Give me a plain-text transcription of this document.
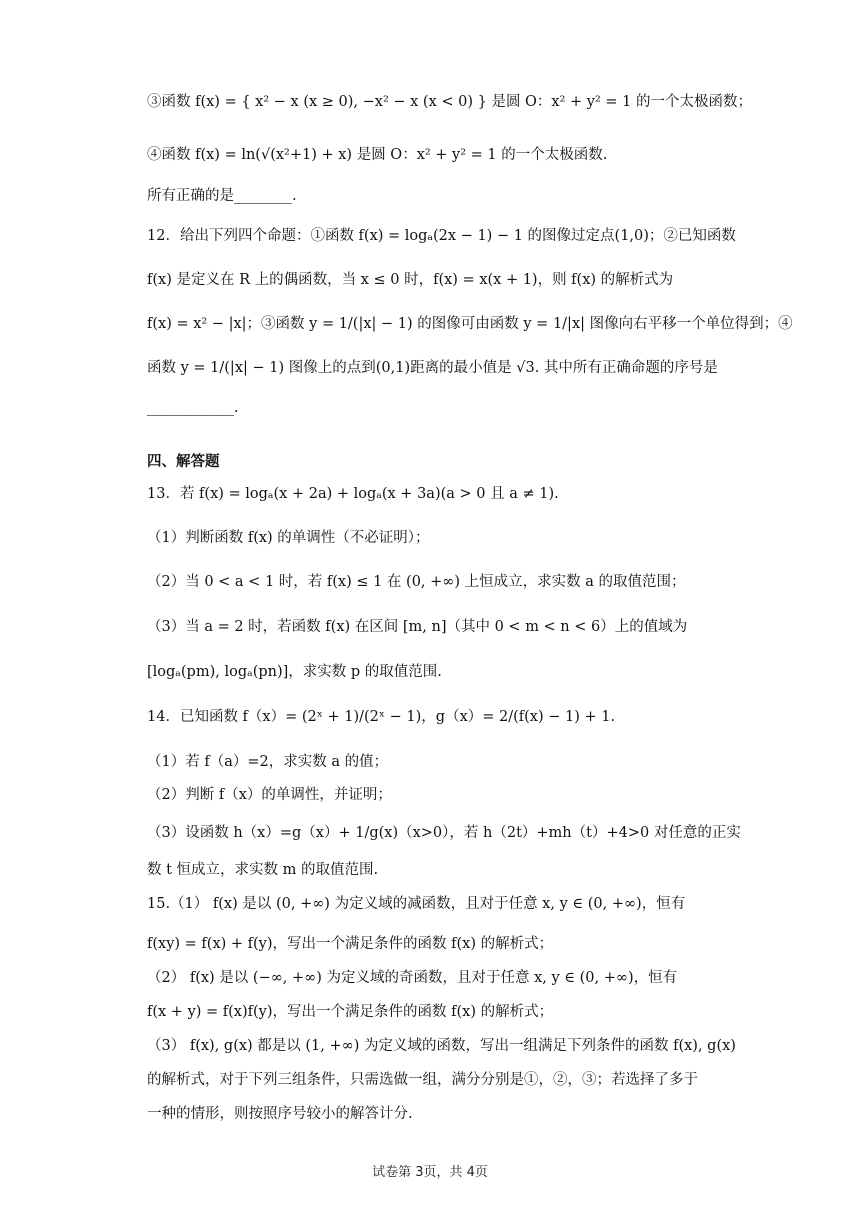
③函数 f(x) = { x² − x (x ≥ 0), −x² − x (x < 0) } 是圆 O：x² + y² = 1 的一个太极函数；
④函数 f(x) = ln(√(x²+1) + x) 是圆 O：x² + y² = 1 的一个太极函数.
所有正确的是________.
12．给出下列四个命题：①函数 f(x) = logₐ(2x − 1) − 1 的图像过定点(1,0)；②已知函数
f(x) 是定义在 R 上的偶函数，当 x ≤ 0 时，f(x) = x(x + 1)，则 f(x) 的解析式为
f(x) = x² − |x|；③函数 y = 1/(|x| − 1) 的图像可由函数 y = 1/|x| 图像向右平移一个单位得到；④
函数 y = 1/(|x| − 1) 图像上的点到(0,1)距离的最小值是 √3. 其中所有正确命题的序号是
____________.
四、解答题
13．若 f(x) = logₐ(x + 2a) + logₐ(x + 3a)(a > 0 且 a ≠ 1).
（1）判断函数 f(x) 的单调性（不必证明）；
（2）当 0 < a < 1 时，若 f(x) ≤ 1 在 (0, +∞) 上恒成立，求实数 a 的取值范围；
（3）当 a = 2 时，若函数 f(x) 在区间 [m, n]（其中 0 < m < n < 6）上的值域为
[logₐ(pm), logₐ(pn)]，求实数 p 的取值范围.
14．已知函数 f（x）= (2ˣ + 1)/(2ˣ − 1)，g（x）= 2/(f(x) − 1) + 1.
（1）若 f（a）=2，求实数 a 的值；
（2）判断 f（x）的单调性，并证明；
（3）设函数 h（x）=g（x）+ 1/g(x)（x>0），若 h（2t）+mh（t）+4>0 对任意的正实
数 t 恒成立，求实数 m 的取值范围.
15.（1） f(x) 是以 (0, +∞) 为定义域的减函数，且对于任意 x, y ∈ (0, +∞)，恒有
f(xy) = f(x) + f(y)，写出一个满足条件的函数 f(x) 的解析式；
（2） f(x) 是以 (−∞, +∞) 为定义域的奇函数，且对于任意 x, y ∈ (0, +∞)，恒有
f(x + y) = f(x)f(y)，写出一个满足条件的函数 f(x) 的解析式；
（3） f(x), g(x) 都是以 (1, +∞) 为定义域的函数，写出一组满足下列条件的函数 f(x), g(x)
的解析式，对于下列三组条件，只需选做一组，满分分别是①，②，③；若选择了多于
一种的情形，则按照序号较小的解答计分.
试卷第 3页，共 4页
